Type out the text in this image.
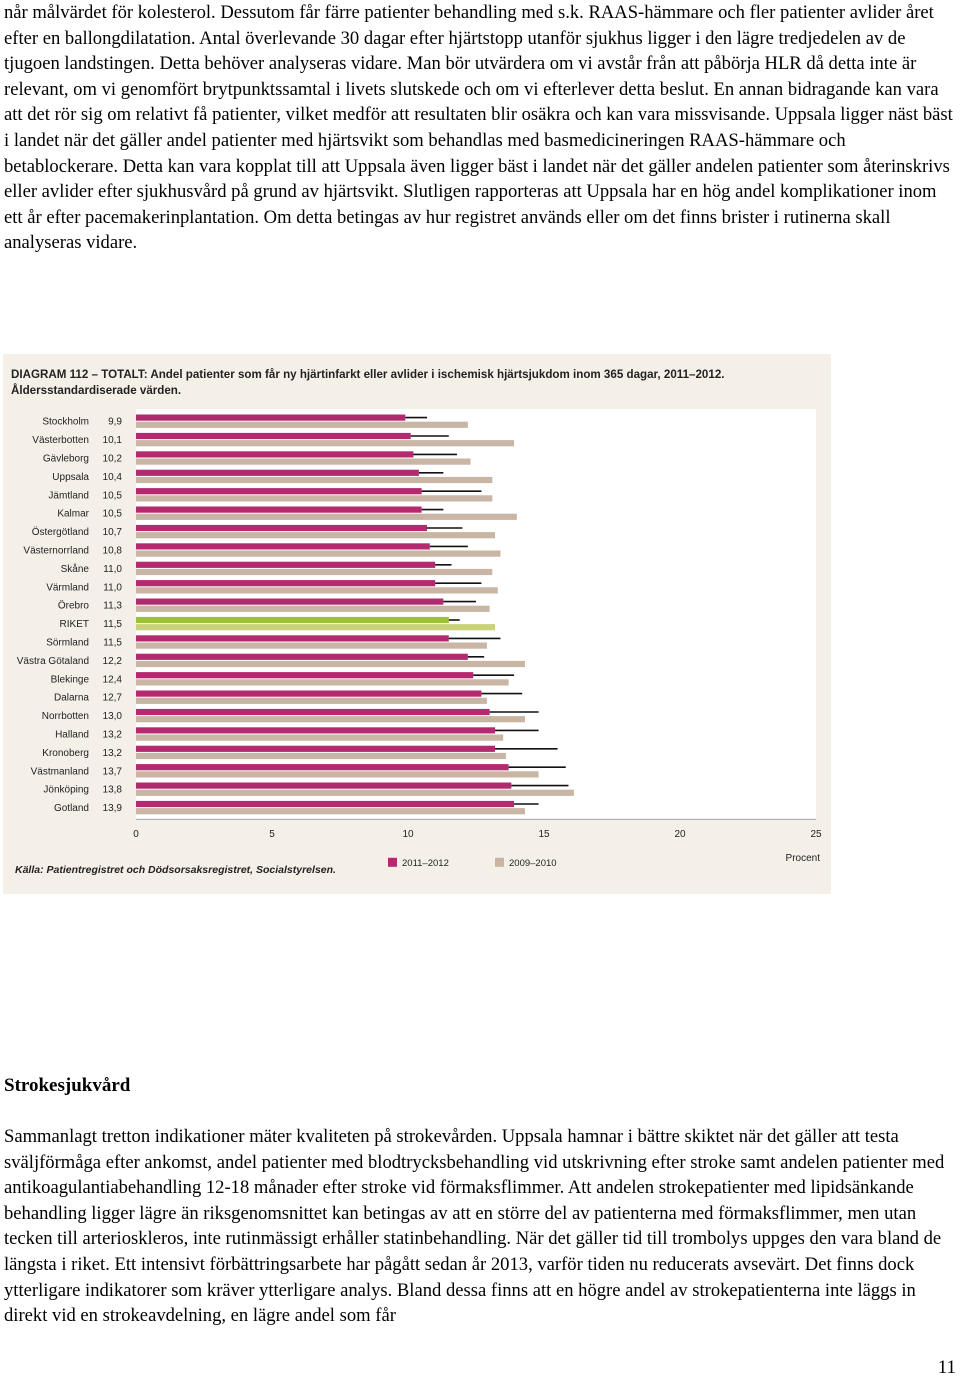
når målvärdet för kolesterol. Dessutom får färre patienter behandling med s.k. RAAS-hämmare och fler patienter avlider året efter en ballongdilatation. Antal överlevande 30 dagar efter hjärtstopp utanför sjukhus ligger i den lägre tredjedelen av de tjugoen landstingen. Detta behöver analyseras vidare. Man bör utvärdera om vi avstår från att påbörja HLR då detta inte är relevant, om vi genomfört brytpunktssamtal i livets slutskede och om vi efterlever detta beslut. En annan bidragande kan vara att det rör sig om relativt få patienter, vilket medför att resultaten blir osäkra och kan vara missvisande. Uppsala ligger näst bäst i landet när det gäller andel patienter med hjärtsvikt som behandlas med basmedicineringen RAAS-hämmare och betablockerare. Detta kan vara kopplat till att Uppsala även ligger bäst i landet när det gäller andelen patienter som återinskrivs eller avlider efter sjukhusvård på grund av hjärtsvikt. Slutligen rapporteras att Uppsala har en hög andel komplikationer inom ett år efter pacemakerinplantation. Om detta betingas av hur registret används eller om det finns brister i rutinerna skall analyseras vidare.

Stockholm 9,9
Västerbotten 10,1
Gävleborg 10,2
Uppsala 10,4
Jämtland 10,5
Kalmar 10,5
Östergötland 10,7
Västernorrland 10,8
Skåne 11,0
Värmland 11,0
Örebro 11,3
RIKET 11,5
Sörmland 11,5
Västra Götaland 12,2
Blekinge 12,4
Dalarna 12,7
Norrbotten 13,0
Halland 13,2
Kronoberg 13,2
Västmanland 13,7
Jönköping 13,8
Gotland 13,9
0	5	10	15	20	25
Procent
2011–2012	2009–2010
DIAGRAM 112 – TOTALT: Andel patienter som får ny hjärtinfarkt eller avlider i ischemisk hjärtsjukdom inom 365 dagar, 2011–2012.
Åldersstandardiserade värden.
Källa: Patientregistret och Dödsorsaksregistret, Socialstyrelsen.
Strokesjukvård

Sammanlagt tretton indikationer mäter kvaliteten på strokevården. Uppsala hamnar i bättre skiktet när det gäller att testa sväljförmåga efter ankomst, andel patienter med blodtrycksbehandling vid utskrivning efter stroke samt andelen patienter med antikoagulantiabehandling 12-18 månader efter stroke vid förmaksflimmer. Att andelen strokepatienter med lipidsänkande behandling ligger lägre än riksgenomsnittet kan betingas av att en större del av patienterna med förmaksflimmer, men utan tecken till arterioskleros, inte rutinmässigt erhåller statinbehandling. När det gäller tid till trombolys uppges den vara bland de längsta i riket. Ett intensivt förbättringsarbete har pågått sedan år 2013, varför tiden nu reducerats avsevärt. Det finns dock ytterligare indikatorer som kräver ytterligare analys. Bland dessa finns att en högre andel av strokepatienterna inte läggs in direkt vid en strokeavdelning, en lägre andel som får

11
